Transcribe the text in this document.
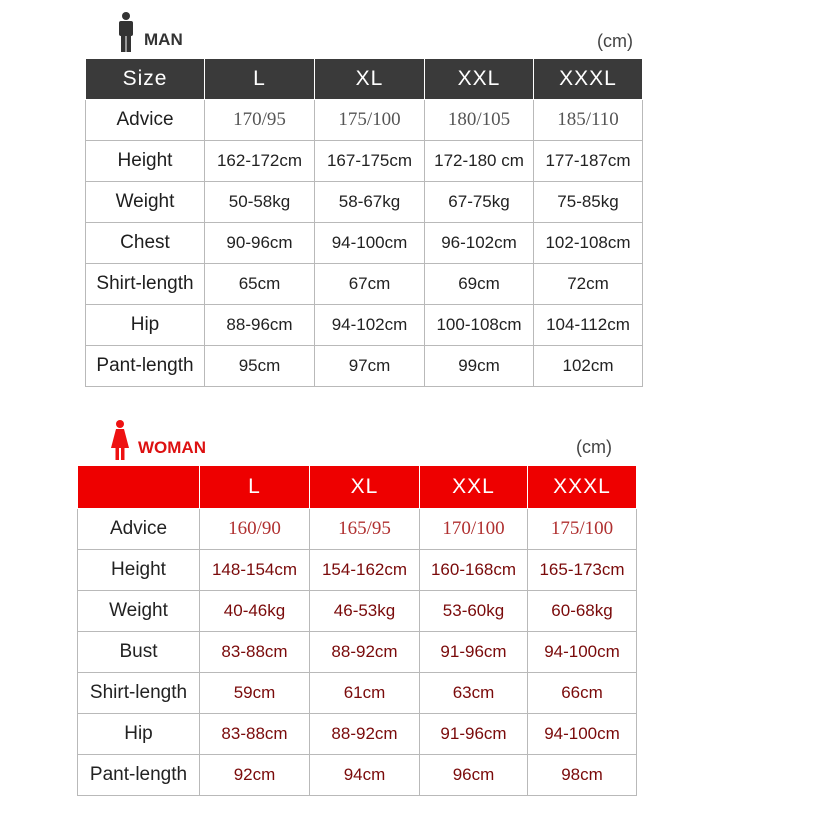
MAN	(cm)
Size	L	XL	XXL	XXXL
Advice	170/95	175/100	180/105	185/110
Height	162-172cm	167-175cm	172-180 cm	177-187cm
Weight	50-58kg	58-67kg	67-75kg	75-85kg
Chest	90-96cm	94-100cm	96-102cm	102-108cm
Shirt-length	65cm	67cm	69cm	72cm
Hip	88-96cm	94-102cm	100-108cm	104-112cm
Pant-length	95cm	97cm	99cm	102cm
WOMAN	(cm)
	L	XL	XXL	XXXL
Advice	160/90	165/95	170/100	175/100
Height	148-154cm	154-162cm	160-168cm	165-173cm
Weight	40-46kg	46-53kg	53-60kg	60-68kg
Bust	83-88cm	88-92cm	91-96cm	94-100cm
Shirt-length	59cm	61cm	63cm	66cm
Hip	83-88cm	88-92cm	91-96cm	94-100cm
Pant-length	92cm	94cm	96cm	98cm
